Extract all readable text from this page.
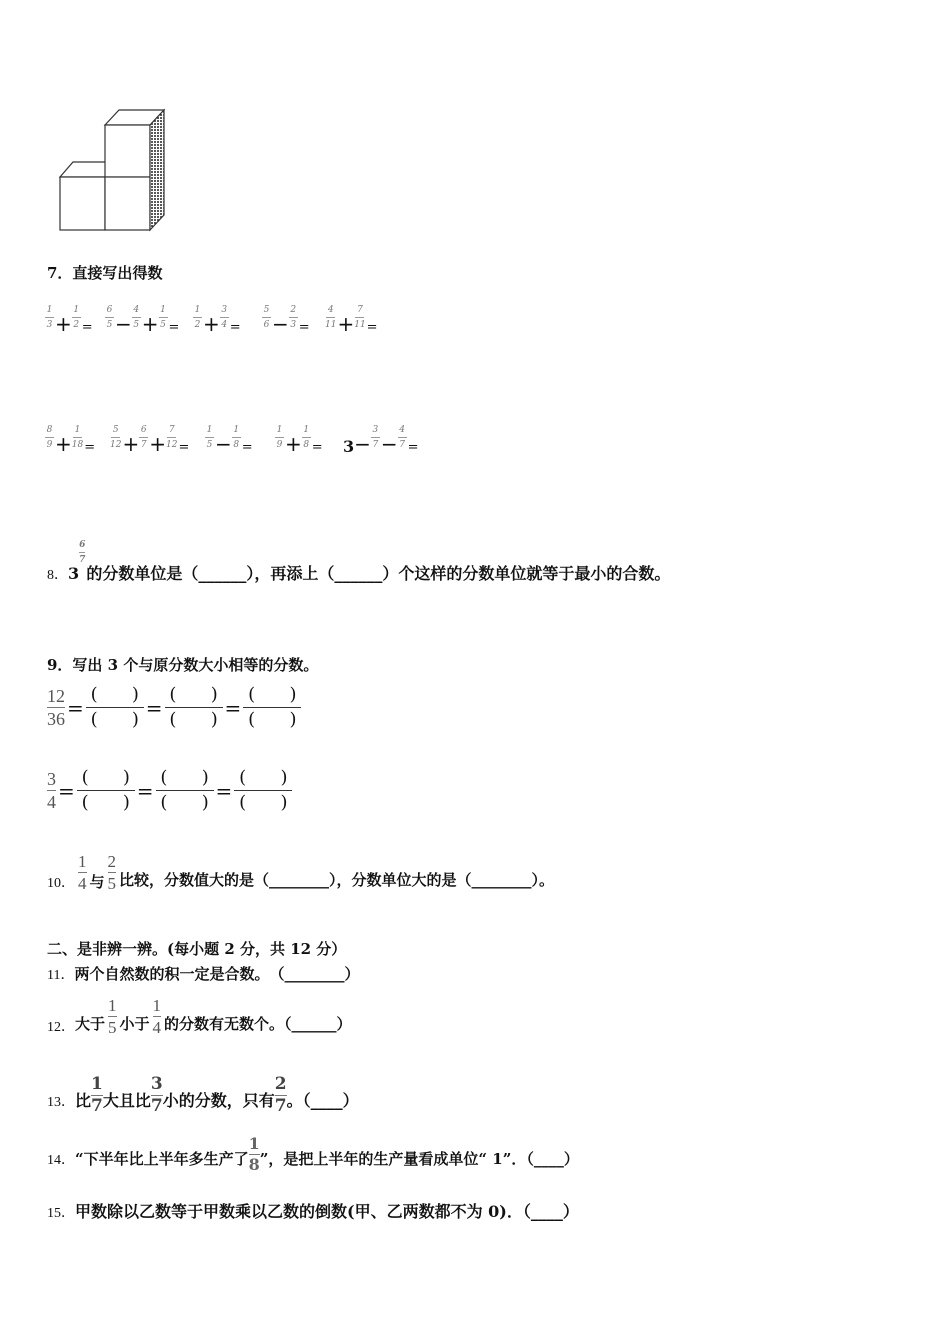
7．直接写出得数
1
3 +
1
2 =
6
5 −
4
5 +
1
5 =
1
2 +
3
4 =
5
6 −
2
3 =
4
11 +
7
11 =
8
9 +
1
18 =
5
12 +
6
7 +
7
12 =
1
5 −
1
8 =
1
9 +
1
8 = 3 −
3
7 −
4
7 =
8．3
$\frac{6}{7}$
的分数单位是（______），再添上（______）个这样的分数单位就等于最小的合数。
9．写出 3 个与原分数大小相等的分数。
10．
1
4 与
2
5 比较，分数值大的是（________），分数单位大的是（________）。
二、是非辨一辨。(每小题 2 分，共 12 分）
11．两个自然数的积一定是合数。　（________）
12． 大于
1
5 小于
1
4 的分数有无数个。（______）
13． 比
1
7 大且比
3
7 小的分数，只有
2
7 。（____）
14． “下半年比上半年多生产了
1
8 ”，是把上半年的生产量看成单位“ 1”．（____）
15．甲数除以乙数等于甲数乘以乙数的倒数(甲、乙两数都不为 0)．（____）
12
36 =
(      )
(      ) =
(      )
(      ) =
(      )
(      )
3
4 =
(      )
(      ) =
(      )
(      ) =
(      )
(      )
